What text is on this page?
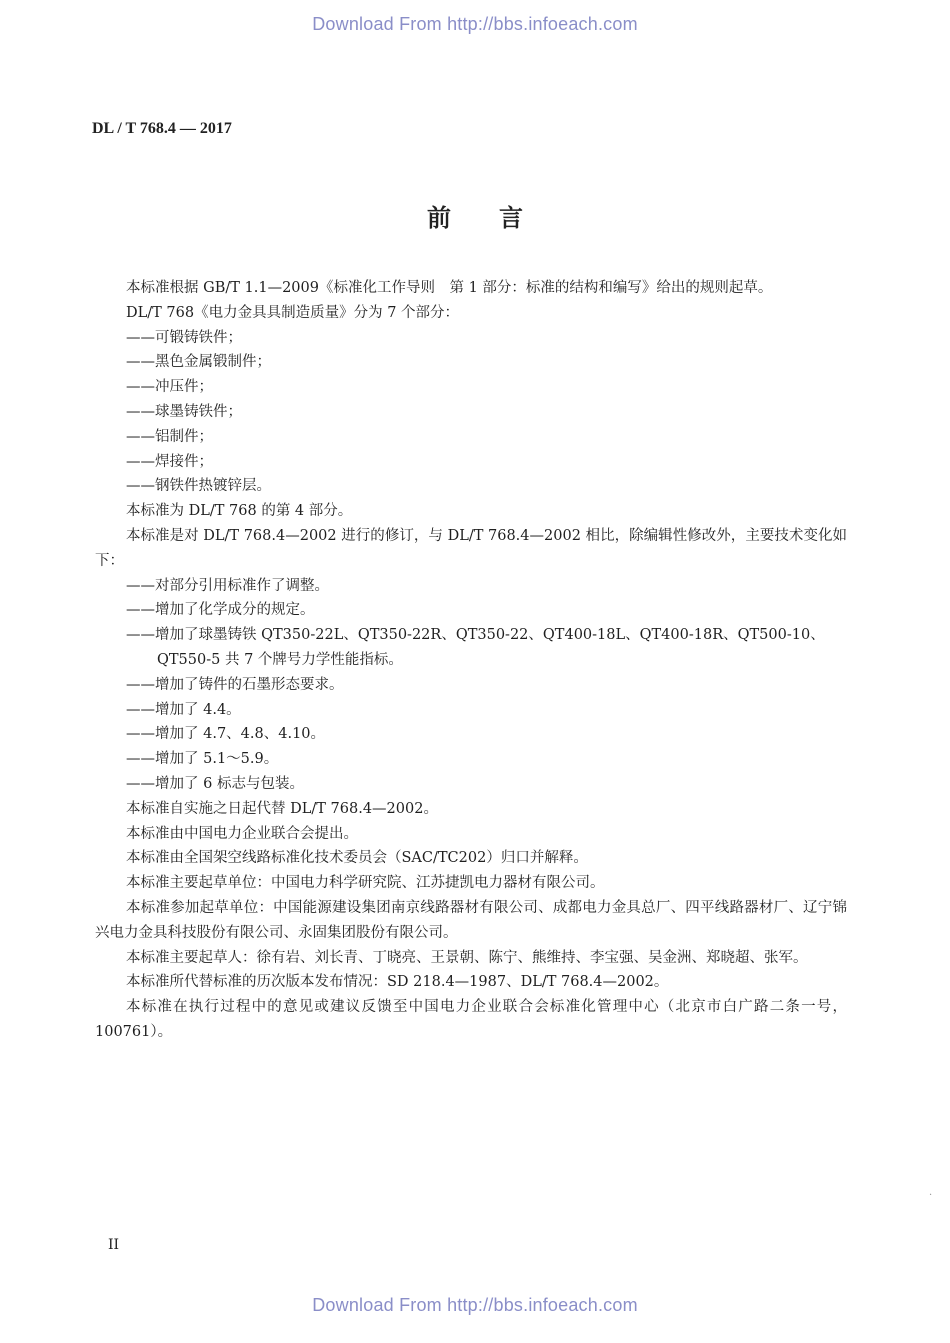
Download From http://bbs.infoeach.com
DL / T 768.4 — 2017
前言

本标准根据 GB/T 1.1—2009《标准化工作导则　第 1 部分：标准的结构和编写》给出的规则起草。

DL/T 768《电力金具具制造质量》分为 7 个部分：

——可锻铸铁件；

——黑色金属锻制件；

——冲压件；

——球墨铸铁件；

——铝制件；

——焊接件；

——钢铁件热镀锌层。

本标准为 DL/T 768 的第 4 部分。

本标准是对 DL/T 768.4—2002 进行的修订，与 DL/T 768.4—2002 相比，除编辑性修改外，主要技术变化如下：

——对部分引用标准作了调整。

——增加了化学成分的规定。

——增加了球墨铸铁 QT350-22L、QT350-22R、QT350-22、QT400-18L、QT400-18R、QT500-10、QT550-5 共 7 个牌号力学性能指标。

——增加了铸件的石墨形态要求。

——增加了 4.4。

——增加了 4.7、4.8、4.10。

——增加了 5.1～5.9。

——增加了 6 标志与包装。

本标准自实施之日起代替 DL/T 768.4—2002。

本标准由中国电力企业联合会提出。

本标准由全国架空线路标准化技术委员会（SAC/TC202）归口并解释。

本标准主要起草单位：中国电力科学研究院、江苏捷凯电力器材有限公司。

本标准参加起草单位：中国能源建设集团南京线路器材有限公司、成都电力金具总厂、四平线路器材厂、辽宁锦兴电力金具科技股份有限公司、永固集团股份有限公司。

本标准主要起草人：徐有岩、刘长青、丁晓亮、王景朝、陈宁、熊维持、李宝强、吴金洲、郑晓超、张军。

本标准所代替标准的历次版本发布情况：SD 218.4—1987、DL/T 768.4—2002。

本标准在执行过程中的意见或建议反馈至中国电力企业联合会标准化管理中心（北京市白广路二条一号，100761）。

·
II
Download From http://bbs.infoeach.com
